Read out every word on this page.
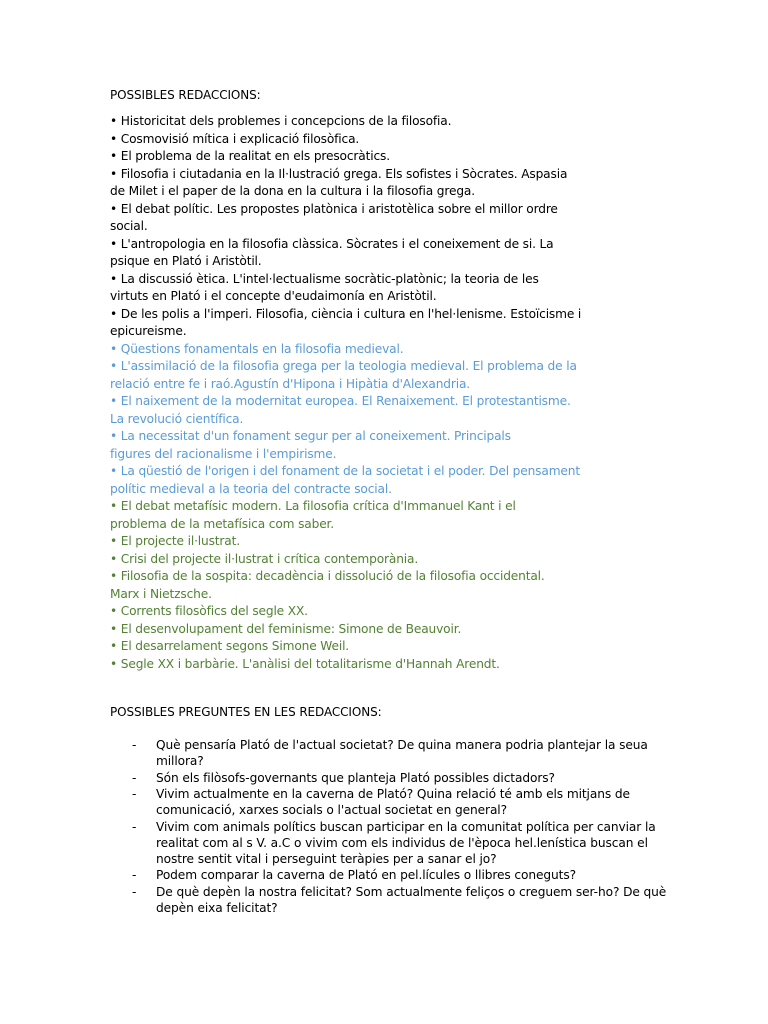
POSSIBLES REDACCIONS:
• Historicitat dels problemes i concepcions de la filosofia.
• Cosmovisió mítica i explicació filosòfica.
• El problema de la realitat en els presocràtics.
• Filosofia i ciutadania en la Il·lustració grega. Els sofistes i Sòcrates. Aspasia
de Milet i el paper de la dona en la cultura i la filosofia grega.
• El debat polític. Les propostes platònica i aristotèlica sobre el millor ordre
social.
• L'antropologia en la filosofia clàssica. Sòcrates i el coneixement de si. La
psique en Plató i Aristòtil.
• La discussió ètica. L'intel·lectualisme socràtic-platònic; la teoria de les
virtuts en Plató i el concepte d'eudaimonía en Aristòtil.
• De les polis a l'imperi. Filosofia, ciència i cultura en l'hel·lenisme. Estoïcisme i
epicureisme.
• Qüestions fonamentals en la filosofia medieval.
• L'assimilació de la filosofia grega per la teologia medieval. El problema de la
relació entre fe i raó.Agustín d'Hipona i Hipàtia d'Alexandria.
• El naixement de la modernitat europea. El Renaixement. El protestantisme.
La revolució científica.
• La necessitat d'un fonament segur per al coneixement. Principals
figures del racionalisme i l'empirisme.
• La qüestió de l'origen i del fonament de la societat i el poder. Del pensament
polític medieval a la teoria del contracte social.
• El debat metafísic modern. La filosofia crítica d'Immanuel Kant i el
problema de la metafísica com saber.
• El projecte il·lustrat.
• Crisi del projecte il·lustrat i crítica contemporània.
• Filosofia de la sospita: decadència i dissolució de la filosofia occidental.
Marx i Nietzsche.
• Corrents filosòfics del segle XX.
• El desenvolupament del feminisme: Simone de Beauvoir.
• El desarrelament segons Simone Weil.
• Segle XX i barbàrie. L'anàlisi del totalitarisme d'Hannah Arendt.
POSSIBLES PREGUNTES EN LES REDACCIONS:
- Què pensaría Plató de l'actual societat? De quina manera podria plantejar la seua
millora?
- Són els filòsofs-governants que planteja Plató possibles dictadors?
- Vivim actualmente en la caverna de Plató? Quina relació té amb els mitjans de
comunicació, xarxes socials o l'actual societat en general?
- Vivim com animals polítics buscan participar en la comunitat política per canviar la
realitat com al s V. a.C o vivim com els individus de l'època hel.lenística buscan el
nostre sentit vital i perseguint teràpies per a sanar el jo?
- Podem comparar la caverna de Plató en pel.lícules o llibres coneguts?
- De què depèn la nostra felicitat? Som actualmente feliços o creguem ser-ho? De què
depèn eixa felicitat?
